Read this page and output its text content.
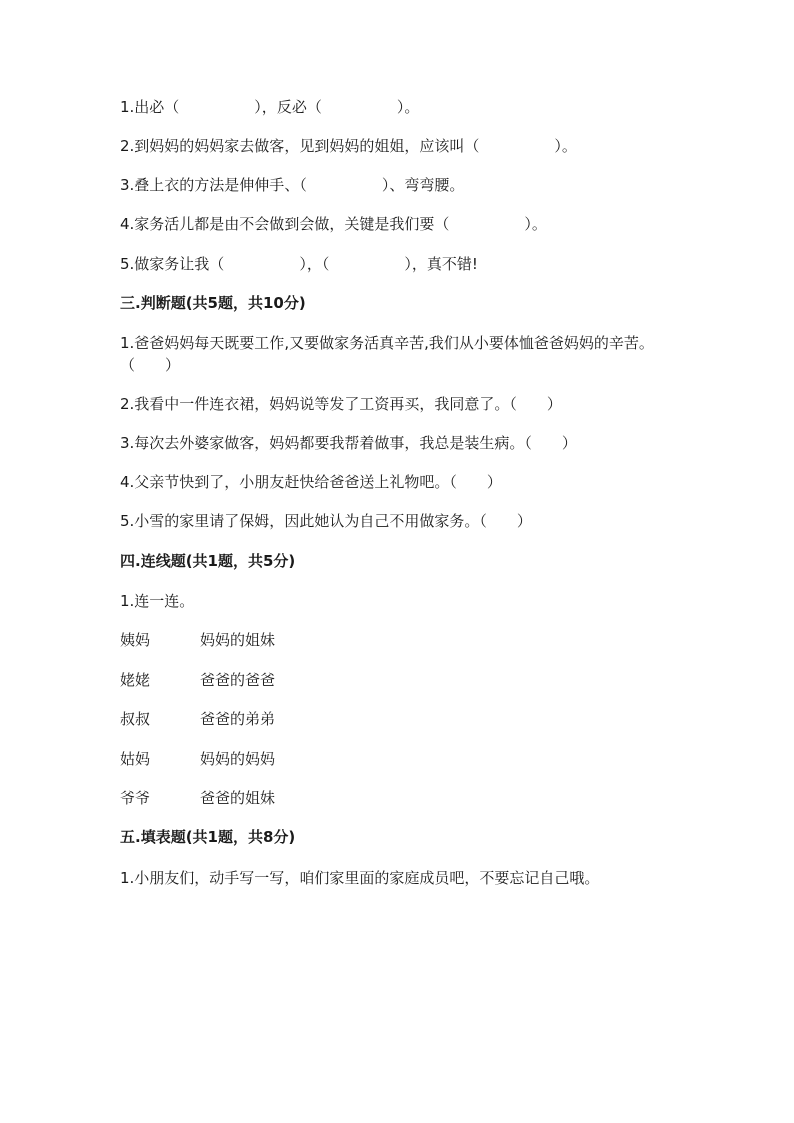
1.出必（　　　　　），反必（　　　　　）。
2.到妈妈的妈妈家去做客，见到妈妈的姐姐，应该叫（　　　　　）。
3.叠上衣的方法是伸伸手、（　　　　　）、弯弯腰。
4.家务活儿都是由不会做到会做，关键是我们要（　　　　　）。
5.做家务让我（　　　　　），（　　　　　），真不错!
三.判断题(共5题，共10分)
1.爸爸妈妈每天既要工作,又要做家务活真辛苦,我们从小要体恤爸爸妈妈的辛苦。（　　）
2.我看中一件连衣裙，妈妈说等发了工资再买，我同意了。（　　）
3.每次去外婆家做客，妈妈都要我帮着做事，我总是装生病。（　　）
4.父亲节快到了，小朋友赶快给爸爸送上礼物吧。（　　）
5.小雪的家里请了保姆，因此她认为自己不用做家务。（　　）
四.连线题(共1题，共5分)
1.连一连。
姨妈	妈妈的姐妹
姥姥	爸爸的爸爸
叔叔	爸爸的弟弟
姑妈	妈妈的妈妈
爷爷	爸爸的姐妹
五.填表题(共1题，共8分)
1.小朋友们，动手写一写，咱们家里面的家庭成员吧，不要忘记自己哦。
